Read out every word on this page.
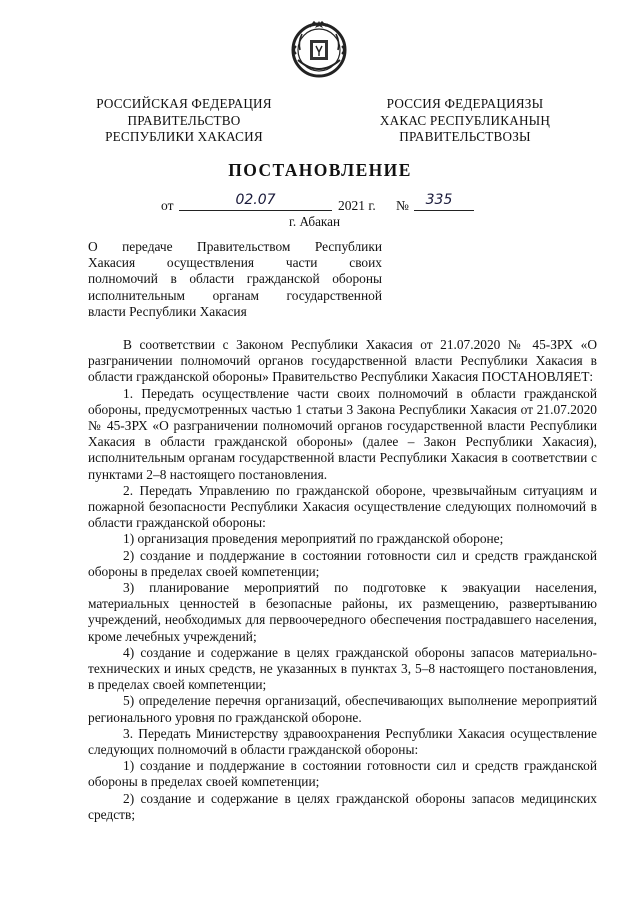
РОССИЙСКАЯ ФЕДЕРАЦИЯ
ПРАВИТЕЛЬСТВО
РЕСПУБЛИКИ ХАКАСИЯ
РОССИЯ ФЕДЕРАЦИЯЗЫ
ХАКАС РЕСПУБЛИКАНЫҢ
ПРАВИТЕЛЬСТВОЗЫ
ПОСТАНОВЛЕНИЕ
от	02.07	2021 г. №	335
г. Абакан
О передаче Правительством Республики
Хакасия осуществления части своих
полномочий в области гражданской обороны
исполнительным органам государственной
власти Республики Хакасия

В соответствии с Законом Республики Хакасия от 21.07.2020 № 45-ЗРХ «О разграничении полномочий органов государственной власти Республики Хакасия в области гражданской обороны» Правительство Республики Хакасия ПОСТАНОВЛЯЕТ:

1. Передать осуществление части своих полномочий в области гражданской обороны, предусмотренных частью 1 статьи 3 Закона Республики Хакасия от 21.07.2020 № 45-ЗРХ «О разграничении полномочий органов государственной власти Республики Хакасия в области гражданской обороны» (далее – Закон Республики Хакасия), исполнительным органам государственной власти Республики Хакасия в соответствии с пунктами 2–8 настоящего постановления.

2. Передать Управлению по гражданской обороне, чрезвычайным ситуациям и пожарной безопасности Республики Хакасия осуществление следующих полномочий в области гражданской обороны:

1) организация проведения мероприятий по гражданской обороне;

2) создание и поддержание в состоянии готовности сил и средств гражданской обороны в пределах своей компетенции;

3) планирование мероприятий по подготовке к эвакуации населения, материальных ценностей в безопасные районы, их размещению, развертыванию учреждений, необходимых для первоочередного обеспечения пострадавшего населения, кроме лечебных учреждений;

4) создание и содержание в целях гражданской обороны запасов материально-технических и иных средств, не указанных в пунктах 3, 5–8 настоящего постановления, в пределах своей компетенции;

5) определение перечня организаций, обеспечивающих выполнение мероприятий регионального уровня по гражданской обороне.

3. Передать Министерству здравоохранения Республики Хакасия осуществление следующих полномочий в области гражданской обороны:

1) создание и поддержание в состоянии готовности сил и средств гражданской обороны в пределах своей компетенции;

2) создание и содержание в целях гражданской обороны запасов медицинских средств;
